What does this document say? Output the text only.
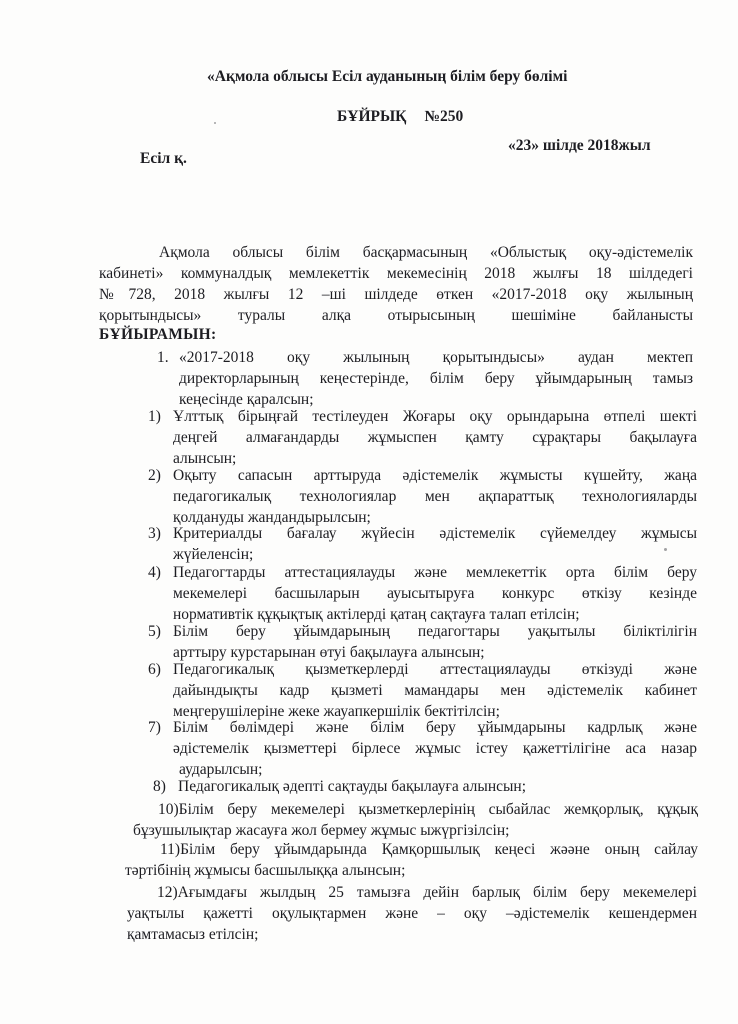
«Ақмола облысы Есіл ауданының білім беру бөлімі
БҰЙРЫҚ №250
Есіл қ.
«23» шілде 2018жыл
Ақмола облысы білім басқармасының «Облыстық оқу-әдістемелік
кабинеті» коммуналдық мемлекеттік мекемесінің 2018 жылғы 18 шілдедегі
№728, 2018 жылғы 12 –ші шілдеде өткен «2017-2018 оқу жылының
қорытындысы» туралы алқа отырысының шешіміне байланысты
БҰЙЫРАМЫН:
1. «2017-2018 оқу жылының қорытындысы» аудан мектеп
директорларының кеңестерінде, білім беру ұйымдарының тамыз
кеңесінде қаралсын;
1) Ұлттық бірыңғай тестілеуден Жоғары оқу орындарына өтпелі шекті
деңгей алмағандарды жұмыспен қамту сұрақтары бақылауға
алынсын;
2) Оқыту сапасын арттыруда әдістемелік жұмысты күшейту, жаңа
педагогикалық технологиялар мен ақпараттық технологияларды
қолдануды жандандырылсын;
3) Критериалды бағалау жүйесін әдістемелік сүйемелдеу жұмысы
жүйеленсін;
4) Педагогтарды аттестациялауды және мемлекеттік орта білім беру
мекемелері басшыларын ауысытыруға конкурс өткізу кезінде
нормативтік құқықтық актілерді қатаң сақтауға талап етілсін;
5) Білім беру ұйымдарының педагогтары уақытылы біліктілігін
арттыру курстарынан өтуі бақылауға алынсын;
6) Педагогикалық қызметкерлерді аттестациялауды өткізуді және
дайындықты кадр қызметі мамандары мен әдістемелік кабинет
меңгерушілеріне жеке жауапкершілік бектітілсін;
7) Білім бөлімдері және білім беру ұйымдарыны кадрлық және
әдістемелік қызметтері бірлесе жұмыс істеу қажеттілігіне аса назар
аударылсын;
8) Педагогикалық әдепті сақтауды бақылауға алынсын;
10)Білім беру мекемелері қызметкерлерінің сыбайлас жемқорлық, құқық
бұзушылықтар жасауға жол бермеу жұмыс ыжүргізілсін;
11)Білім беру ұйымдарында Қамқоршылық кеңесі жәәне оның сайлау
тәртібінің жұмысы басшылыққа алынсын;
12)Ағымдағы жылдың 25 тамызға дейін барлық білім беру мекемелері
уақтылы қажетті оқулықтармен және – оқу –әдістемелік кешендермен
қамтамасыз етілсін;
